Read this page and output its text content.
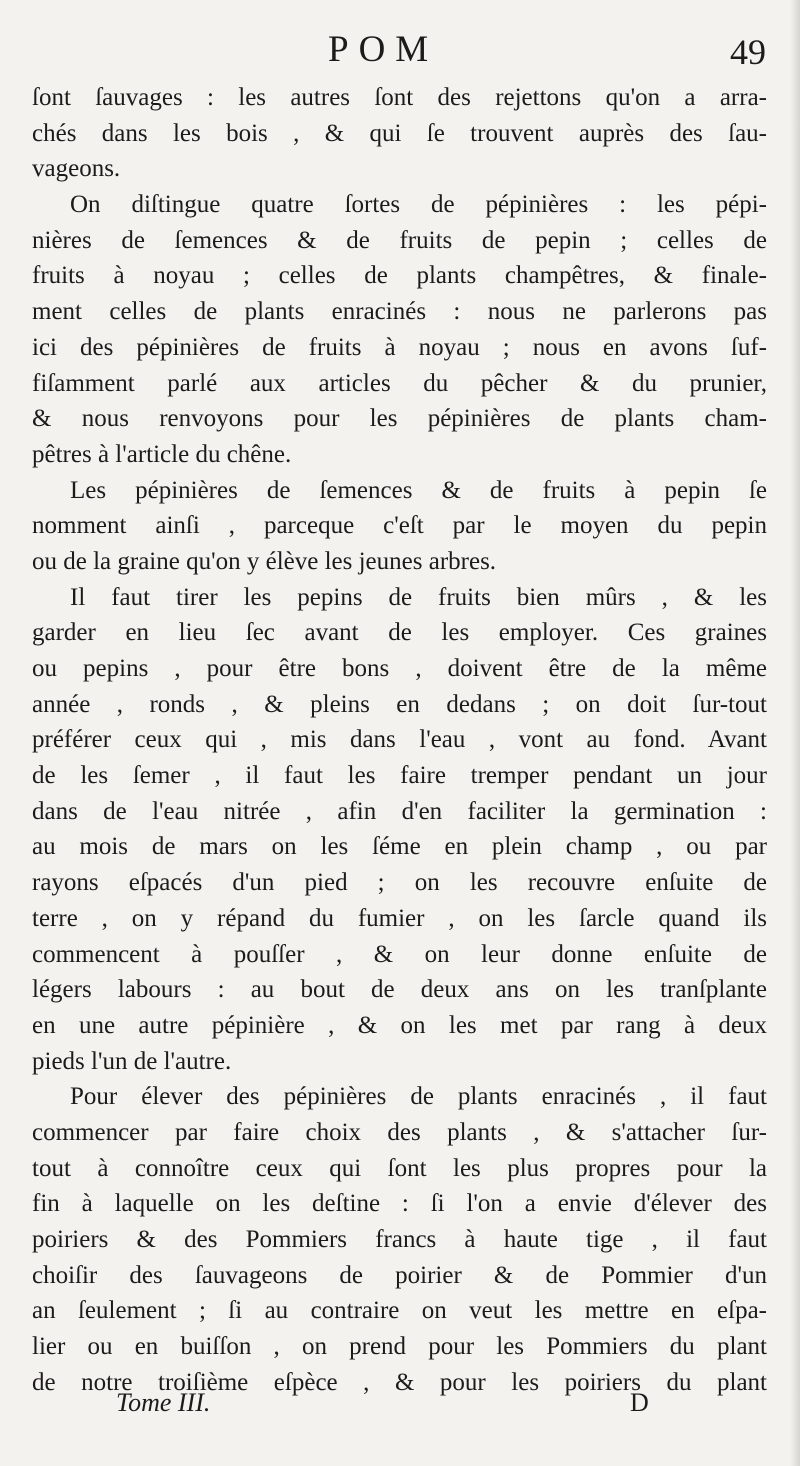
POM	49
ſont ſauvages : les autres ſont des rejettons qu'on a arra-
chés dans les bois , & qui ſe trouvent auprès des ſau-
vageons.
On diſtingue quatre ſortes de pépinières : les pépi-
nières de ſemences & de fruits de pepin ; celles de
fruits à noyau ; celles de plants champêtres, & finale-
ment celles de plants enracinés : nous ne parlerons pas
ici des pépinières de fruits à noyau ; nous en avons ſuf-
fiſamment parlé aux articles du pêcher & du prunier,
& nous renvoyons pour les pépinières de plants cham-
pêtres à l'article du chêne.
Les pépinières de ſemences & de fruits à pepin ſe
nomment ainſi , parceque c'eſt par le moyen du pepin
ou de la graine qu'on y élève les jeunes arbres.
Il faut tirer les pepins de fruits bien mûrs , & les
garder en lieu ſec avant de les employer. Ces graines
ou pepins , pour être bons , doivent être de la même
année , ronds , & pleins en dedans ; on doit ſur-tout
préférer ceux qui , mis dans l'eau , vont au fond. Avant
de les ſemer , il faut les faire tremper pendant un jour
dans de l'eau nitrée , afin d'en faciliter la germination :
au mois de mars on les ſéme en plein champ , ou par
rayons eſpacés d'un pied ; on les recouvre enſuite de
terre , on y répand du fumier , on les ſarcle quand ils
commencent à pouſſer , & on leur donne enſuite de
légers labours : au bout de deux ans on les tranſplante
en une autre pépinière , & on les met par rang à deux
pieds l'un de l'autre.
Pour élever des pépinières de plants enracinés , il faut
commencer par faire choix des plants , & s'attacher ſur-
tout à connoître ceux qui ſont les plus propres pour la
fin à laquelle on les deſtine : ſi l'on a envie d'élever des
poiriers & des Pommiers francs à haute tige , il faut
choiſir des ſauvageons de poirier & de Pommier d'un
an ſeulement ; ſi au contraire on veut les mettre en eſpa-
lier ou en buiſſon , on prend pour les Pommiers du plant
de notre troiſième eſpèce , & pour les poiriers du plant
Tome III.	D
